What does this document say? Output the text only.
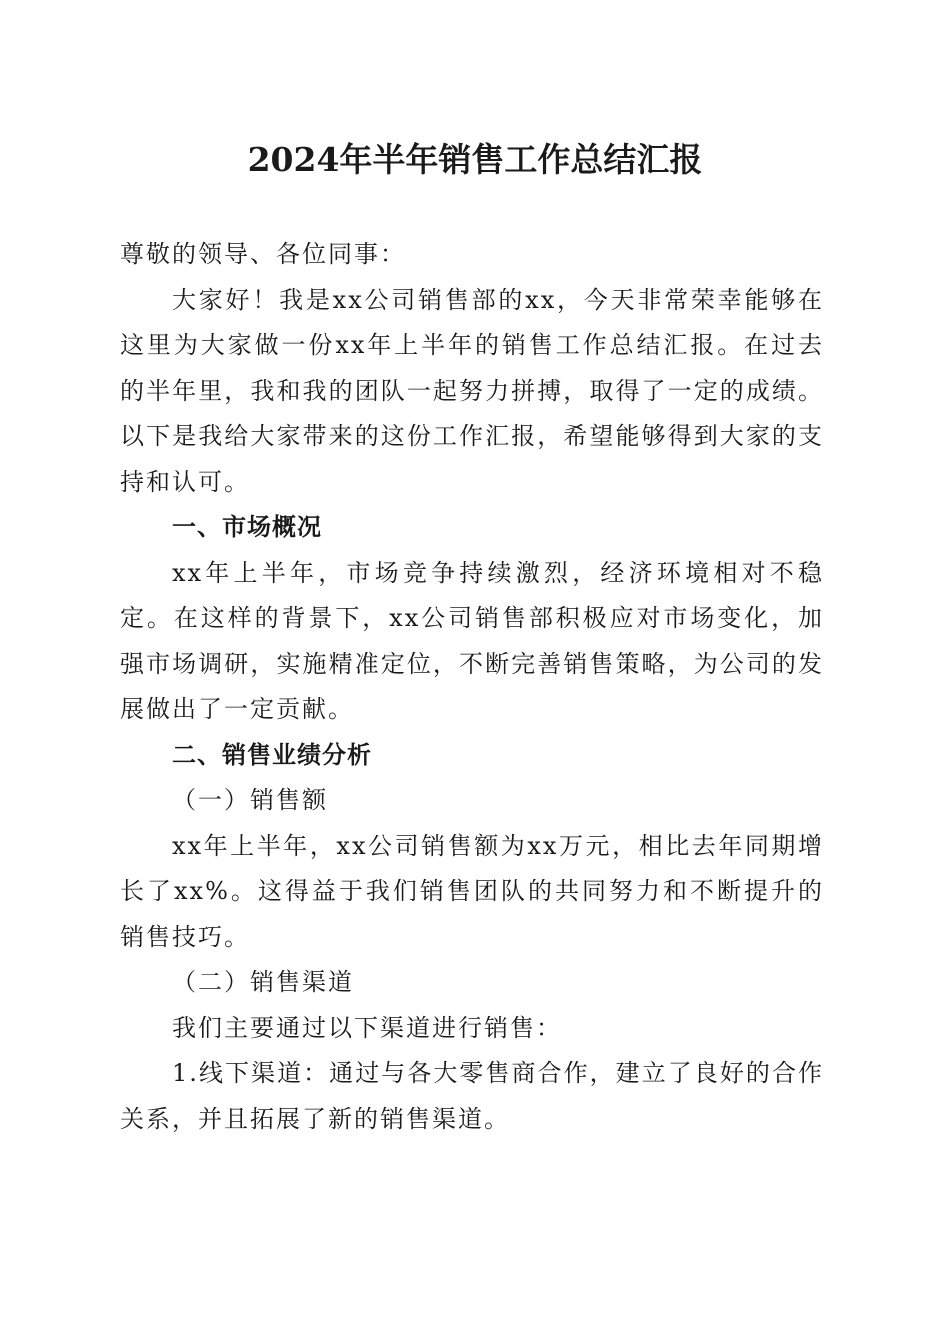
2024年半年销售工作总结汇报

尊敬的领导、各位同事：

大家好！我是xx公司销售部的xx，今天非常荣幸能够在这里为大家做一份xx年上半年的销售工作总结汇报。在过去的半年里，我和我的团队一起努力拼搏，取得了一定的成绩。以下是我给大家带来的这份工作汇报，希望能够得到大家的支持和认可。

一、市场概况

xx年上半年，市场竞争持续激烈，经济环境相对不稳定。在这样的背景下，xx公司销售部积极应对市场变化，加强市场调研，实施精准定位，不断完善销售策略，为公司的发展做出了一定贡献。

二、销售业绩分析

（一）销售额

xx年上半年，xx公司销售额为xx万元，相比去年同期增长了xx%。这得益于我们销售团队的共同努力和不断提升的销售技巧。

（二）销售渠道

我们主要通过以下渠道进行销售：

1.线下渠道：通过与各大零售商合作，建立了良好的合作关系，并且拓展了新的销售渠道。
